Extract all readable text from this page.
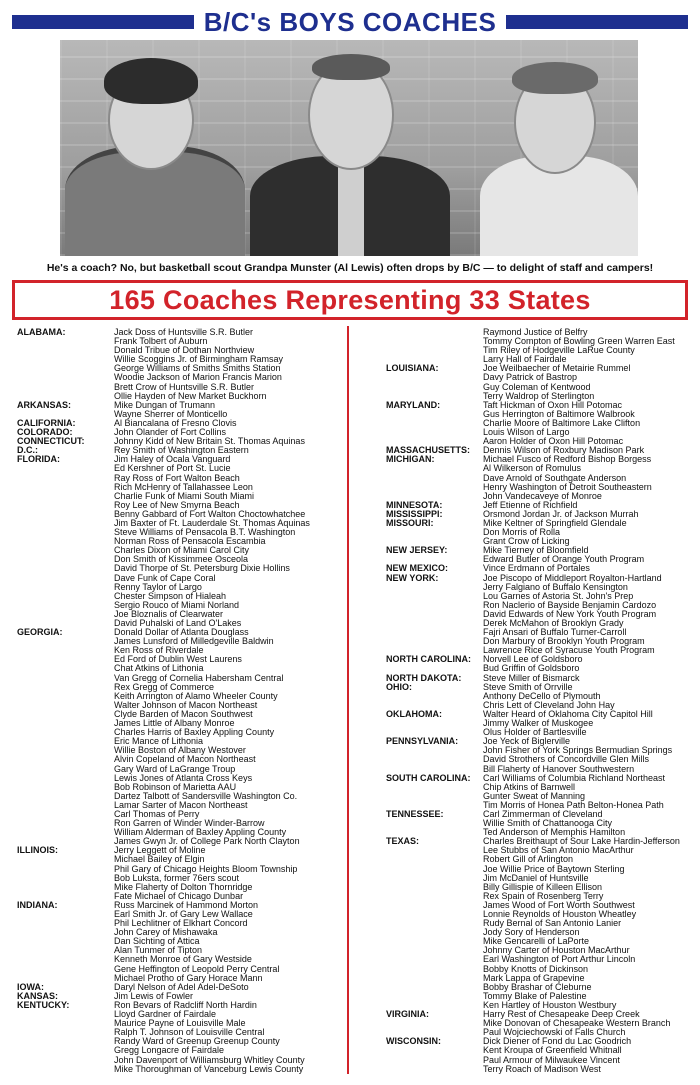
B/C's BOYS COACHES
He's a coach? No, but basketball scout Grandpa Munster (Al Lewis) often drops by B/C — to delight of staff and campers!
165 Coaches Representing 33 States
ALABAMA:	Jack Doss of Huntsville S.R. Butler
Frank Tolbert of Auburn
Donald Tribue of Dothan Northview
Willie Scoggins Jr. of Birmingham Ramsay
George Williams of Smiths Smiths Station
Woodie Jackson of Marion Francis Marion
Brett Crow of Huntsville S.R. Butler
Ollie Hayden of New Market Buckhorn
ARKANSAS:	Mike Dungan of Trumann
Wayne Sherrer of Monticello
CALIFORNIA:	Al Biancalana of Fresno Clovis
COLORADO:	John Olander of Fort Collins
CONNECTICUT:	Johnny Kidd of New Britain St. Thomas Aquinas
D.C.:	Rey Smith of Washington Eastern
FLORIDA:	Jim Haley of Ocala Vanguard
Ed Kershner of Port St. Lucie
Ray Ross of Fort Walton Beach
Rich McHenry of Tallahassee Leon
Charlie Funk of Miami South Miami
Roy Lee of New Smyrna Beach
Benny Gabbard of Fort Walton Choctowhatchee
Jim Baxter of Ft. Lauderdale St. Thomas Aquinas
Steve Williams of Pensacola B.T. Washington
Norman Ross of Pensacola Escambia
Charles Dixon of Miami Carol City
Don Smith of Kissimmee Osceola
David Thorpe of St. Petersburg Dixie Hollins
Dave Funk of Cape Coral
Renny Taylor of Largo
Chester Simpson of Hialeah
Sergio Rouco of Miami Norland
Joe Bloznalis of Clearwater
David Puhalski of Land O'Lakes
GEORGIA:	Donald Dollar of Atlanta Douglass
James Lunsford of Milledgeville Baldwin
Ken Ross of Riverdale
Ed Ford of Dublin West Laurens
Chat Atkins of Lithonia
Van Gregg of Cornelia Habersham Central
Rex Gregg of Commerce
Keith Arrington of Alamo Wheeler County
Walter Johnson of Macon Northeast
Clyde Barden of Macon Southwest
James Little of Albany Monroe
Charles Harris of Baxley Appling County
Eric Mance of Lithonia
Willie Boston of Albany Westover
Alvin Copeland of Macon Northeast
Gary Ward of LaGrange Troup
Lewis Jones of Atlanta Cross Keys
Bob Robinson of Marietta AAU
Dartez Talbott of Sandersville Washington Co.
Lamar Sarter of Macon Northeast
Carl Thomas of Perry
Ron Garren of Winder Winder-Barrow
William Alderman of Baxley Appling County
James Gwyn Jr. of College Park North Clayton
ILLINOIS:	Jerry Leggett of Moline
Michael Bailey of Elgin
Phil Gary of Chicago Heights Bloom Township
Bob Luksta, former 76ers scout
Mike Flaherty of Dolton Thornridge
Fate Michael of Chicago Dunbar
INDIANA:	Russ Marcinek of Hammond Morton
Earl Smith Jr. of Gary Lew Wallace
Phil Lechlitner of Elkhart Concord
John Carey of Mishawaka
Dan Sichting of Attica
Alan Tunmer of Tipton
Kenneth Monroe of Gary Westside
Gene Heffington of Leopold Perry Central
Michael Protho of Gary Horace Mann
IOWA:	Daryl Nelson of Adel Adel-DeSoto
KANSAS:	Jim Lewis of Fowler
KENTUCKY:	Ron Bevars of Radcliff North Hardin
Lloyd Gardner of Fairdale
Maurice Payne of Louisville Male
Ralph T. Johnson of Louisville Central
Randy Ward of Greenup Greenup County
Gregg Longacre of Fairdale
John Davenport of Williamsburg Whitley County
Mike Thoroughman of Vanceburg Lewis County
Raymond Justice of Belfry
Tommy Compton of Bowling Green Warren East
Tim Riley of Hodgeville LaRue County
Larry Hall of Fairdale
LOUISIANA:	Joe Weilbaecher of Metairie Rummel
Davy Patrick of Bastrop
Guy Coleman of Kentwood
Terry Waldrop of Sterlington
MARYLAND:	Taft Hickman of Oxon Hill Potomac
Gus Herrington of Baltimore Walbrook
Charlie Moore of Baltimore Lake Clifton
Louis Wilson of Largo
Aaron Holder of Oxon Hill Potomac
MASSACHUSETTS:	Dennis Wilson of Roxbury Madison Park
MICHIGAN:	Michael Fusco of Redford Bishop Borgess
Al Wilkerson of Romulus
Dave Arnold of Southgate Anderson
Henry Washington of Detroit Southeastern
John Vandecaveye of Monroe
MINNESOTA:	Jeff Etienne of Richfield
MISSISSIPPI:	Orsmond Jordan Jr. of Jackson Murrah
MISSOURI:	Mike Keltner of Springfield Glendale
Don Morris of Rolla
Grant Crow of Licking
NEW JERSEY:	Mike Tierney of Bloomfield
Edward Butler of Orange Youth Program
NEW MEXICO:	Vince Erdmann of Portales
NEW YORK:	Joe Piscopo of Middleport Royalton-Hartland
Jerry Falgiano of Buffalo Kensington
Lou Garnes of Astoria St. John's Prep
Ron Naclerio of Bayside Benjamin Cardozo
David Edwards of New York Youth Program
Derek McMahon of Brooklyn Grady
Fajri Ansari of Buffalo Turner-Carroll
Don Marbury of Brooklyn Youth Program
Lawrence Rice of Syracuse Youth Program
NORTH CAROLINA:	Norvell Lee of Goldsboro
Bud Griffin of Goldsboro
NORTH DAKOTA:	Steve Miller of Bismarck
OHIO:	Steve Smith of Orrville
Anthony DeCello of Plymouth
Chris Lett of Cleveland John Hay
OKLAHOMA:	Walter Heard of Oklahoma City Capitol Hill
Jimmy Walker of Muskogee
Olus Holder of Bartlesville
PENNSYLVANIA:	Joe Yeck of Biglerville
John Fisher of York Springs Bermudian Springs
David Strothers of Concordville Glen Mills
Bill Flaherty of Hanover Southwestern
SOUTH CAROLINA:	Carl Williams of Columbia Richland Northeast
Chip Atkins of Barnwell
Gunter Sweat of Manning
Tim Morris of Honea Path Belton-Honea Path
TENNESSEE:	Carl Zimmerman of Cleveland
Willie Smith of Chattanooga City
Ted Anderson of Memphis Hamilton
TEXAS:	Charles Breithaupt of Sour Lake Hardin-Jefferson
Lee Stubbs of San Antonio MacArthur
Robert Gill of Arlington
Joe Willie Price of Baytown Sterling
Jim McDaniel of Huntsville
Billy Gillispie of Killeen Ellison
Rex Spain of Rosenberg Terry
James Wood of Fort Worth Southwest
Lonnie Reynolds of Houston Wheatley
Rudy Bernal of San Antonio Lanier
Jody Sory of Henderson
Mike Gencarelli of LaPorte
Johnny Carter of Houston MacArthur
Earl Washington of Port Arthur Lincoln
Bobby Knotts of Dickinson
Mark Lappa of Grapevine
Bobby Brashar of Cleburne
Tommy Blake of Palestine
Ken Hartley of Houston Westbury
VIRGINIA:	Harry Rest of Chesapeake Deep Creek
Mike Donovan of Chesapeake Western Branch
Paul Wojciechowski of Falls Church
WISCONSIN:	Dick Diener of Fond du Lac Goodrich
Kent Kroupa of Greenfield Whitnall
Paul Armour of Milwaukee Vincent
Terry Roach of Madison West
